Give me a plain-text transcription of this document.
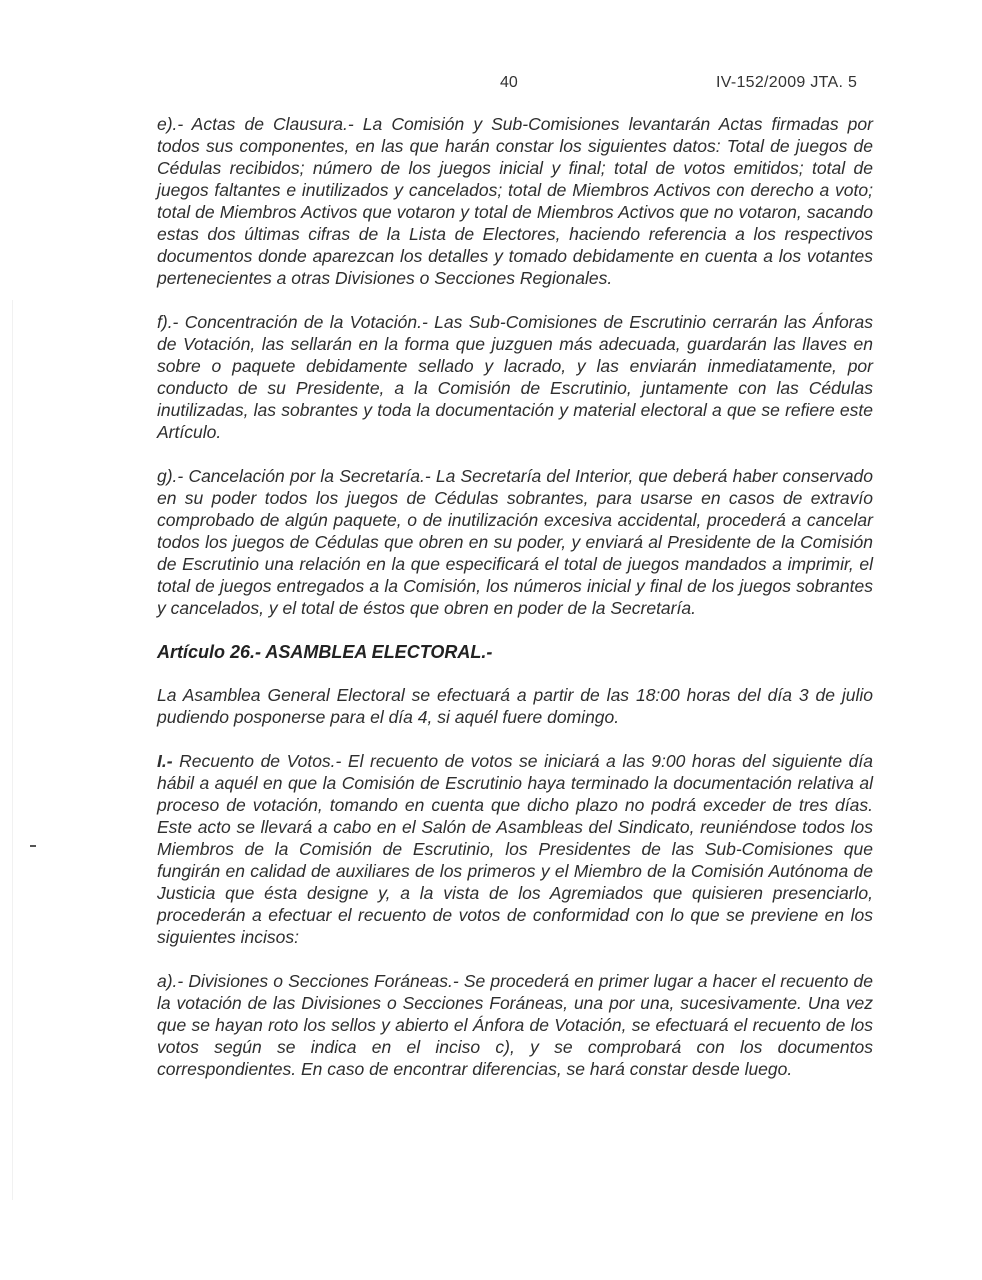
40	IV-152/2009 JTA. 5

e).- Actas de Clausura.- La Comisión y Sub-Comisiones levantarán Actas firmadas por todos sus componentes, en las que harán constar los siguientes datos: Total de juegos de Cédulas recibidos; número de los juegos inicial y final; total de votos emitidos; total de juegos faltantes e inutilizados y cancelados; total de Miembros Activos con derecho a voto; total de Miembros Activos que votaron y total de Miembros Activos que no votaron, sacando estas dos últimas cifras de la Lista de Electores, haciendo referencia a los respectivos documentos donde aparezcan los detalles y tomado debidamente en cuenta a los votantes pertenecientes a otras Divisiones o Secciones Regionales.

f).- Concentración de la Votación.- Las Sub-Comisiones de Escrutinio cerrarán las Ánforas de Votación, las sellarán en la forma que juzguen más adecuada, guardarán las llaves en sobre o paquete debidamente sellado y lacrado, y las enviarán inmediatamente, por conducto de su Presidente, a la Comisión de Escrutinio, juntamente con las Cédulas inutilizadas, las sobrantes y toda la documentación y material electoral a que se refiere este Artículo.

g).- Cancelación por la Secretaría.- La Secretaría del Interior, que deberá haber conservado en su poder todos los juegos de Cédulas sobrantes, para usarse en casos de extravío comprobado de algún paquete, o de inutilización excesiva accidental, procederá a cancelar todos los juegos de Cédulas que obren en su poder, y enviará al Presidente de la Comisión de Escrutinio una relación en la que especificará el total de juegos mandados a imprimir, el total de juegos entregados a la Comisión, los números inicial y final de los juegos sobrantes y cancelados, y el total de éstos que obren en poder de la Secretaría.

Artículo 26.- ASAMBLEA ELECTORAL.-

La Asamblea General Electoral se efectuará a partir de las 18:00 horas del día 3 de julio pudiendo posponerse para el día 4, si aquél fuere domingo.

I.- Recuento de Votos.- El recuento de votos se iniciará a las 9:00 horas del siguiente día hábil a aquél en que la Comisión de Escrutinio haya terminado la documentación relativa al proceso de votación, tomando en cuenta que dicho plazo no podrá exceder de tres días. Este acto se llevará a cabo en el Salón de Asambleas del Sindicato, reuniéndose todos los Miembros de la Comisión de Escrutinio, los Presidentes de las Sub-Comisiones que fungirán en calidad de auxiliares de los primeros y el Miembro de la Comisión Autónoma de Justicia que ésta designe y, a la vista de los Agremiados que quisieren presenciarlo, procederán a efectuar el recuento de votos de conformidad con lo que se previene en los siguientes incisos:

a).- Divisiones o Secciones Foráneas.- Se procederá en primer lugar a hacer el recuento de la votación de las Divisiones o Secciones Foráneas, una por una, sucesivamente. Una vez que se hayan roto los sellos y abierto el Ánfora de Votación, se efectuará el recuento de los votos según se indica en el inciso c), y se comprobará con los documentos correspondientes. En caso de encontrar diferencias, se hará constar desde luego.
